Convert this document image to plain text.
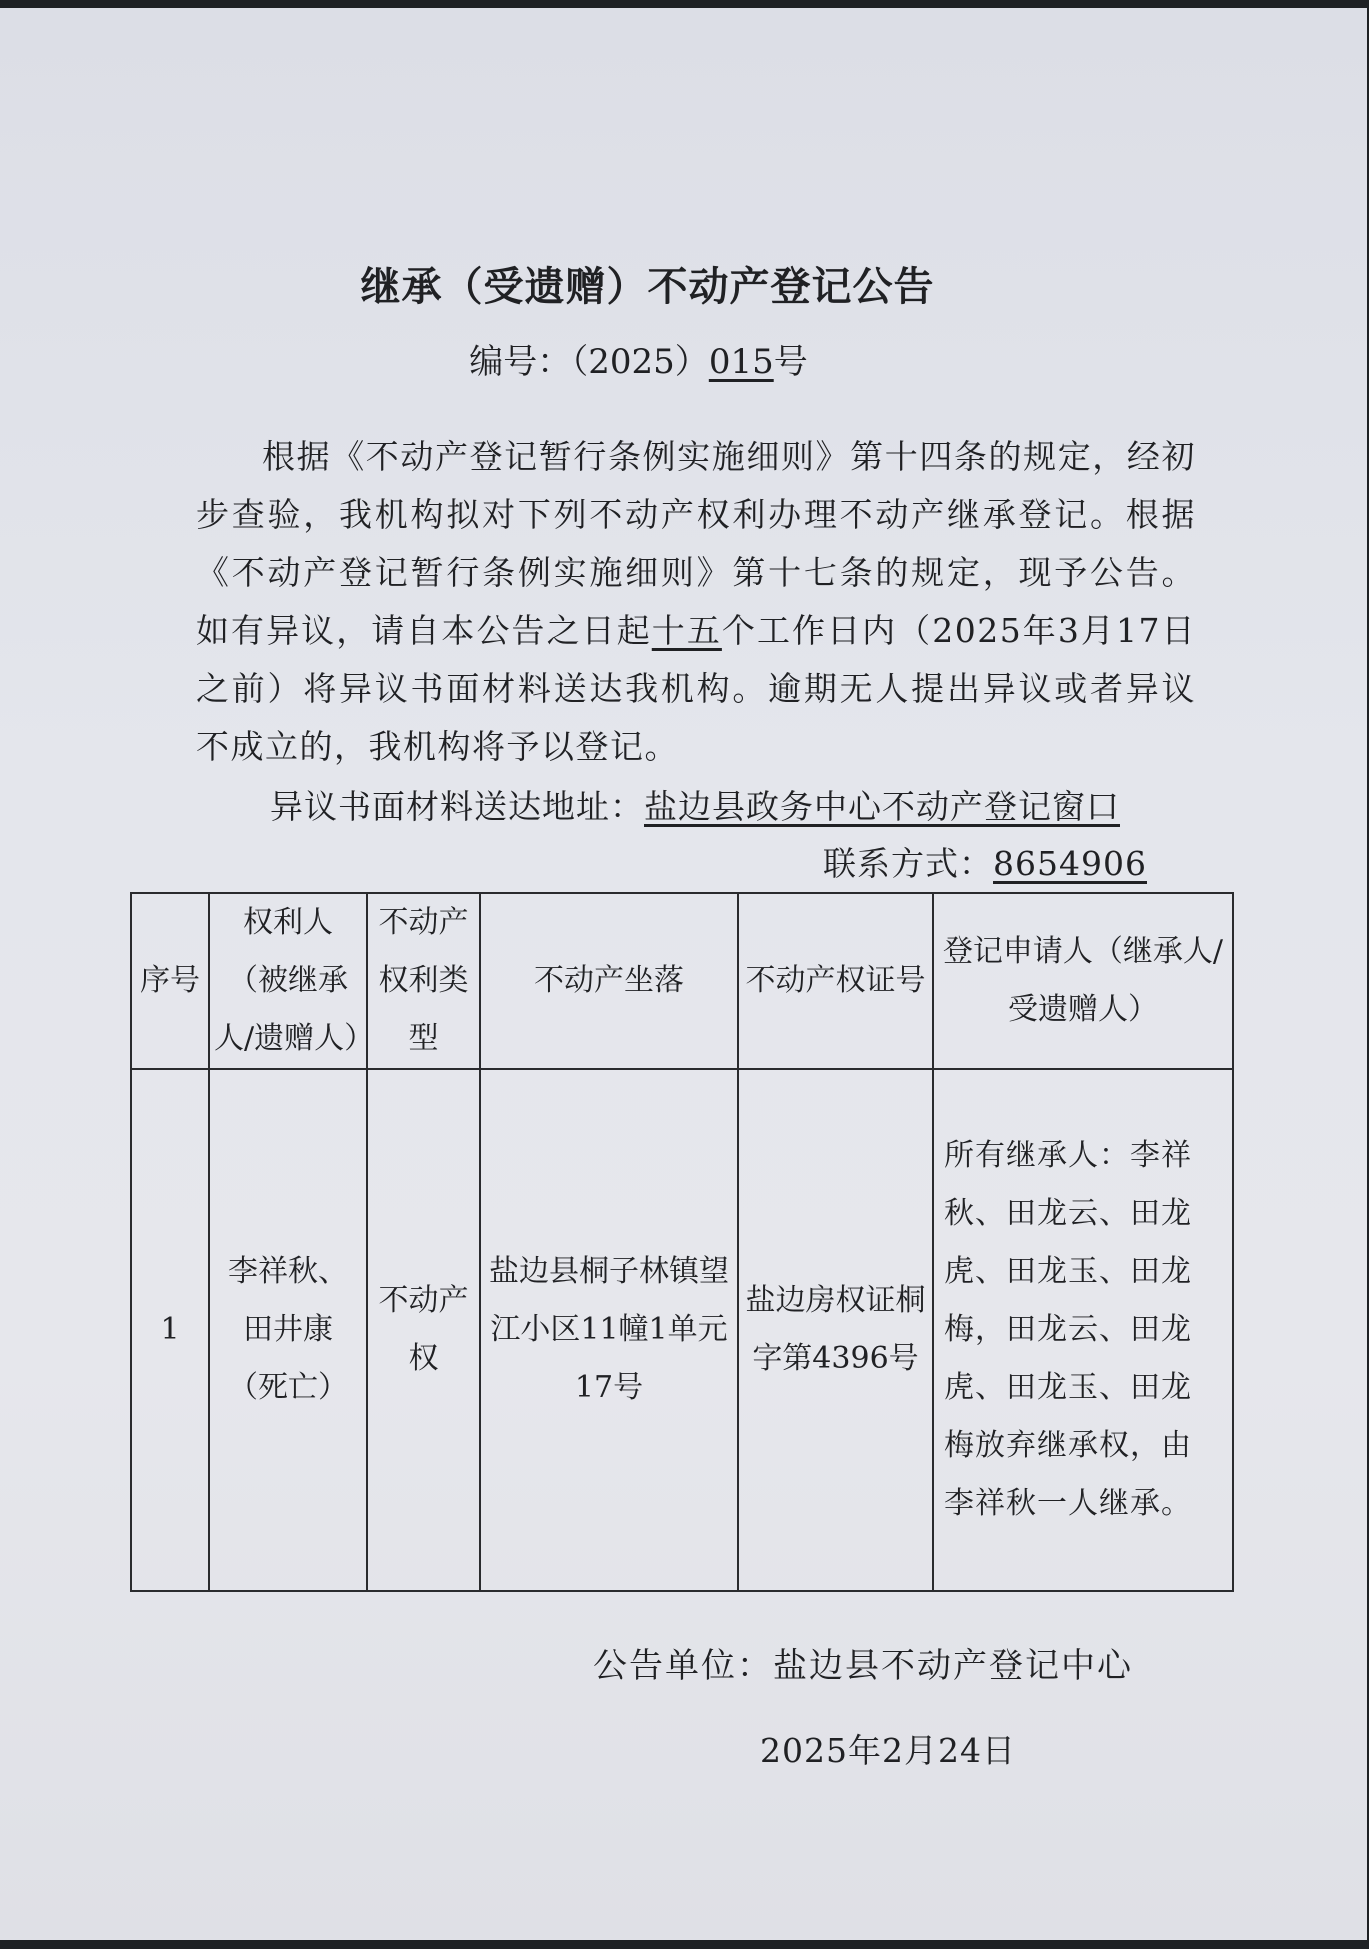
继承（受遗赠）不动产登记公告
编号：（2025）015号

根据《不动产登记暂行条例实施细则》第十四条的规定，经初步查验，我机构拟对下列不动产权利办理不动产继承登记。根据《不动产登记暂行条例实施细则》第十七条的规定，现予公告。如有异议，请自本公告之日起十五个工作日内（2025年3月17日之前）将异议书面材料送达我机构。逾期无人提出异议或者异议不成立的，我机构将予以登记。

异议书面材料送达地址：盐边县政务中心不动产登记窗口
联系方式：8654906
序号	权利人（被继承人/遗赠人）	不动产权利类型	不动产坐落	不动产权证号	登记申请人（继承人/受遗赠人）
1	李祥秋、田井康（死亡）	不动产权	盐边县桐子林镇望江小区11幢1单元17号	盐边房权证桐字第4396号	所有继承人：李祥秋、田龙云、田龙虎、田龙玉、田龙梅，田龙云、田龙虎、田龙玉、田龙梅放弃继承权，由李祥秋一人继承。
公告单位：盐边县不动产登记中心
2025年2月24日
